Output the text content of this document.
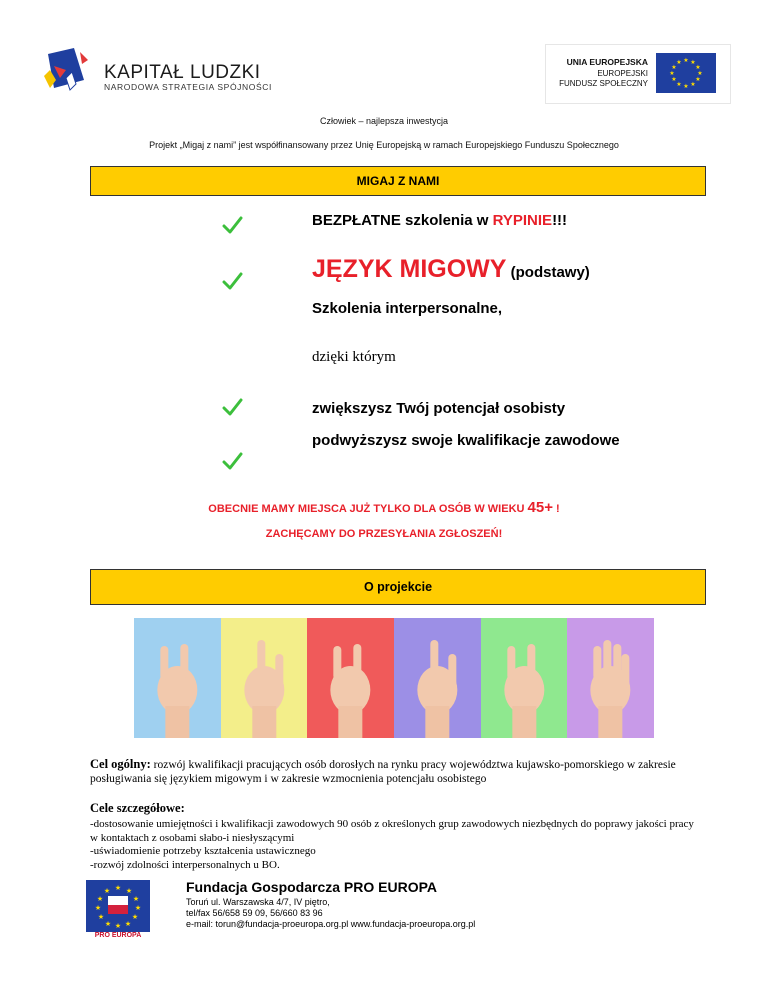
KAPITAŁ LUDZKI
NARODOWA STRATEGIA SPÓJNOŚCI
UNIA EUROPEJSKA
EUROPEJSKI
FUNDUSZ SPOŁECZNY
★ ★
★
★
★
★
★
★
★
★
★
★
Człowiek – najlepsza inwestycja
Projekt „Migaj z nami” jest współfinansowany przez Unię Europejską w ramach Europejskiego Funduszu Społecznego
MIGAJ Z NAMI
BEZPŁATNE szkolenia w RYPINIE!!!
JĘZYK MIGOWY (podstawy)
Szkolenia interpersonalne,
dzięki którym
zwiększysz Twój potencjał osobisty
podwyższysz swoje kwalifikacje zawodowe
OBECNIE MAMY MIEJSCA JUŻ TYLKO DLA OSÓB W WIEKU 45+ !
ZACHĘCAMY DO PRZESYŁANIA ZGŁOSZEŃ!
O projekcie
Cel ogólny: rozwój kwalifikacji pracujących osób dorosłych na rynku pracy województwa kujawsko-pomorskiego w zakresie posługiwania się językiem migowym i w zakresie wzmocnienia potencjału osobistego
Cele szczegółowe:
-dostosowanie umiejętności i kwalifikacji zawodowych 90 osób z określonych grup zawodowych niezbędnych do poprawy jakości pracy w kontaktach z osobami słabo-i niesłyszącymi
-uświadomienie potrzeby kształcenia ustawicznego
-rozwój zdolności interpersonalnych u BO.
★ ★
★
★
★
★
★
★
★
★
★
★
PRO EUROPA
Fundacja Gospodarcza PRO EUROPA
Toruń ul. Warszawska 4/7, IV piętro,
tel/fax 56/658 59 09, 56/660 83 96
e-mail: torun@fundacja-proeuropa.org.pl www.fundacja-proeuropa.org.pl
